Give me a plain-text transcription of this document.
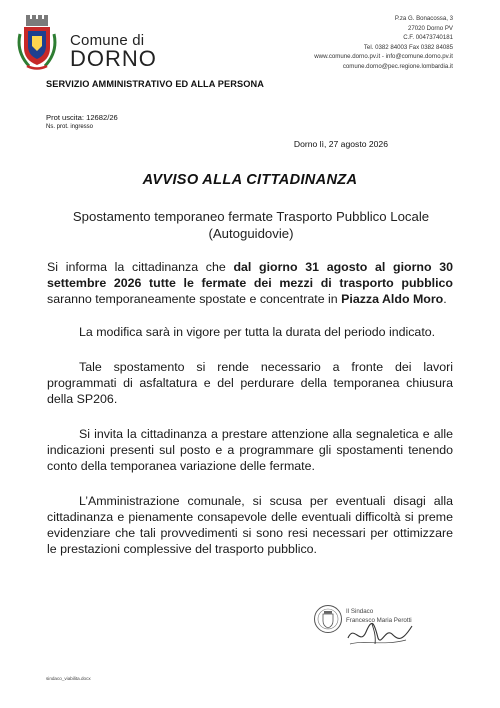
Comune di
DORNO
P.za G. Bonacossa, 3
27020 Dorno PV
C.F. 00473740181
Tel. 0382 84003 Fax 0382 84085
www.comune.dorno.pv.it - info@comune.dorno.pv.it
comune.dorno@pec.regione.lombardia.it
SERVIZIO AMMINISTRATIVO ED ALLA PERSONA
Prot uscita: 12682/26
Ns. prot. ingresso
Dorno lì, 27 agosto 2026
AVVISO ALLA CITTADINANZA
Spostamento temporaneo fermate Trasporto Pubblico Locale (Autoguidovie)

Si informa la cittadinanza che dal giorno 31 agosto al giorno 30 settembre 2026 tutte le fermate dei mezzi di trasporto pubblico saranno temporaneamente spostate e concentrate in Piazza Aldo Moro.

La modifica sarà in vigore per tutta la durata del periodo indicato.

Tale spostamento si rende necessario a fronte dei lavori programmati di asfaltatura e del perdurare della temporanea chiusura della SP206.

Si invita la cittadinanza a prestare attenzione alla segnaletica e alle indicazioni presenti sul posto e a programmare gli spostamenti tenendo conto della temporanea variazione delle fermate.

L’Amministrazione comunale, si scusa per eventuali disagi alla cittadinanza e pienamente consapevole delle eventuali difficoltà si preme evidenziare che tali provvedimenti si sono resi necessari per ottimizzare le prestazioni complessive del trasporto pubblico.

Il Sindaco
Francesco Maria Perotti
sindaco_viabilita.docx
